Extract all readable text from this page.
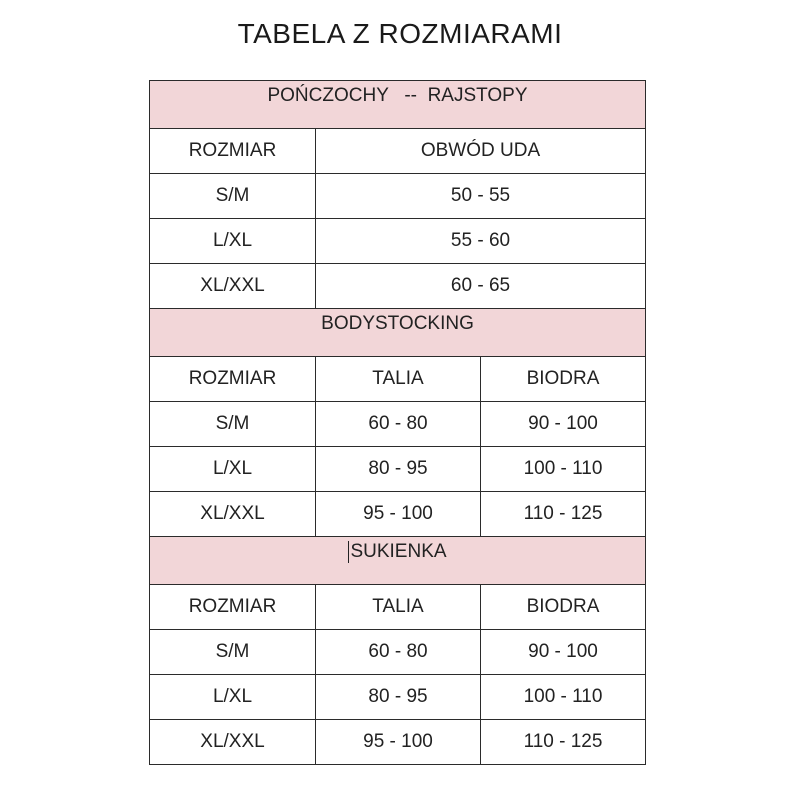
TABELA Z ROZMIARAMI
POŃCZOCHY   --  RAJSTOPY		
ROZMIAR	OBWÓD UDA	
S/M	50 - 55	
L/XL	55 - 60	
XL/XXL	60 - 65	
BODYSTOCKING		
ROZMIAR	TALIA	BIODRA
S/M	60 - 80	90 - 100
L/XL	80 - 95	100 - 110
XL/XXL	95 - 100	110 - 125
SUKIENKA		
ROZMIAR	TALIA	BIODRA
S/M	60 - 80	90 - 100
L/XL	80 - 95	100 - 110
XL/XXL	95 - 100	110 - 125
